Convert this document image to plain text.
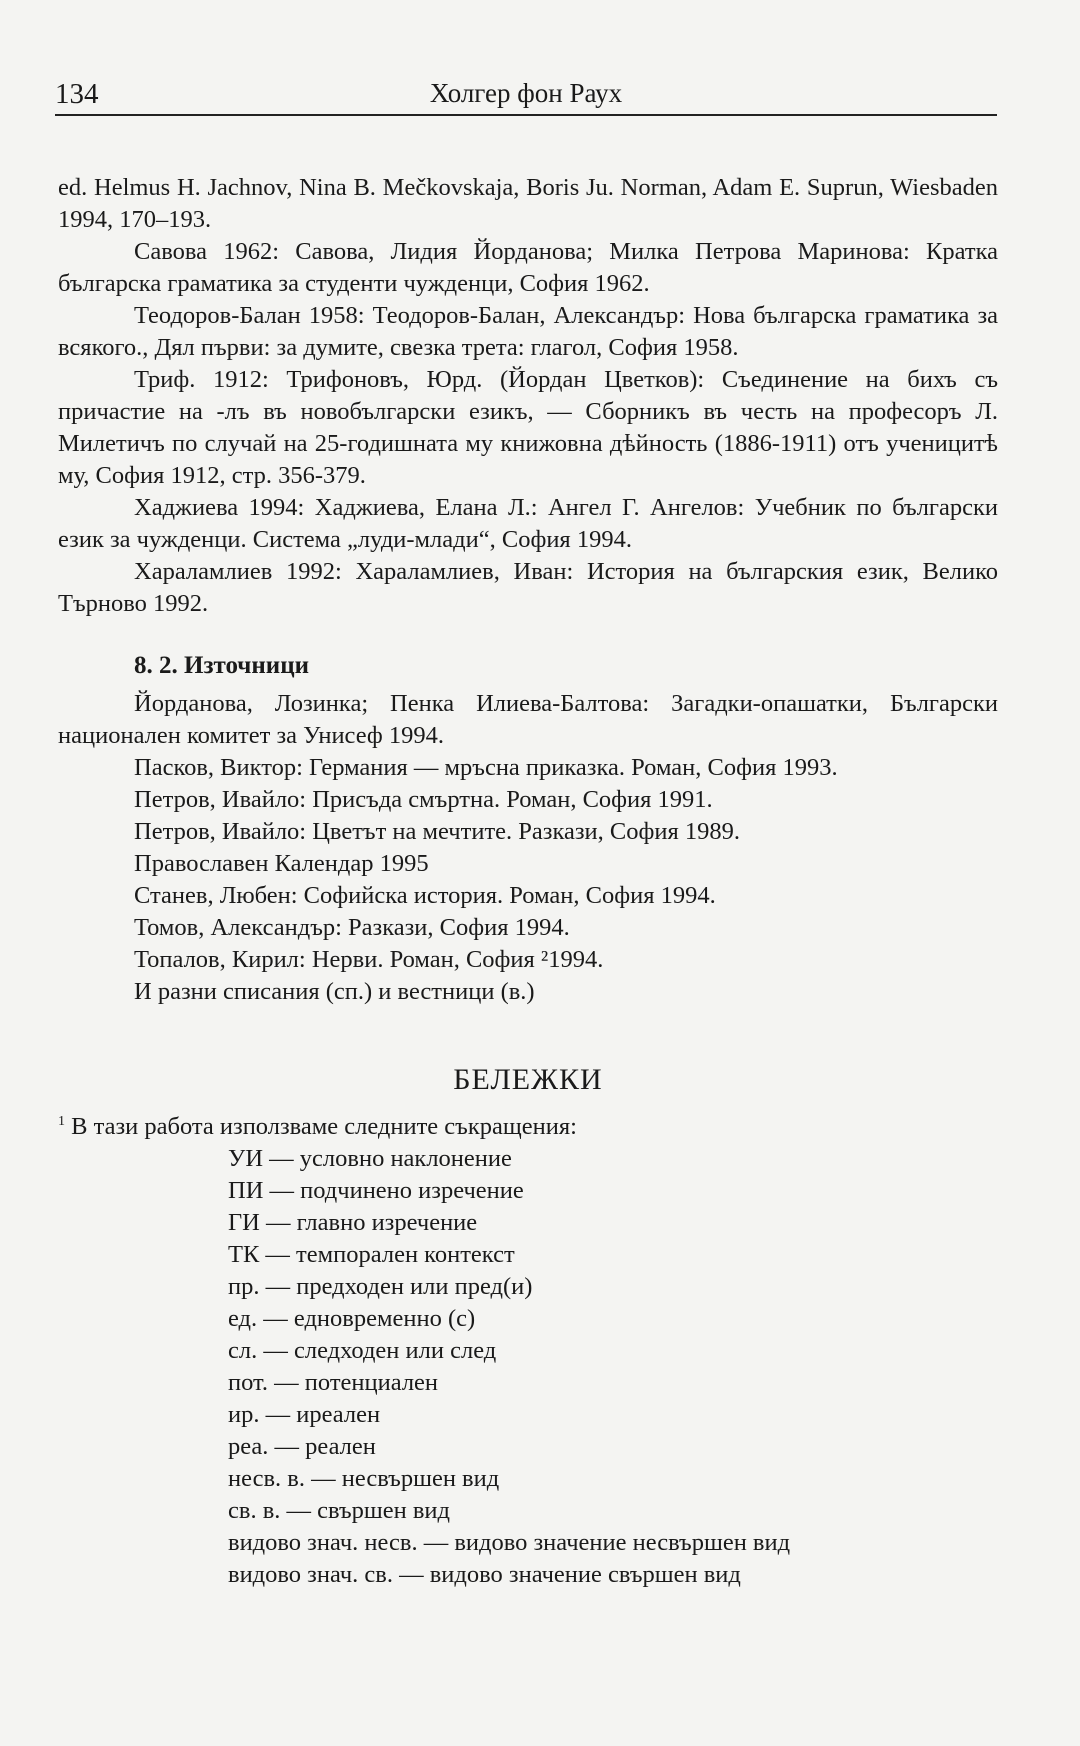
134	Холгер фон Раух

ed. Helmus H. Jachnov, Nina B. Mečkovskaja, Boris Ju. Norman, Adam E. Suprun, Wiesbaden 1994, 170–193.

Савова 1962: Савова, Лидия Йорданова; Милка Петрова Маринова: Кратка българска граматика за студенти чужденци, София 1962.

Теодоров-Балан 1958: Теодоров-Балан, Александър: Нова българска граматика за всякого., Дял първи: за думите, свезка трета: глагол, София 1958.

Триф. 1912: Трифоновъ, Юрд. (Йордан Цветков): Съединение на бихъ съ причастие на -лъ въ новобългарски езикъ, — Сборникъ въ честь на професоръ Л. Милетичъ по случай на 25-годишната му книжовна дѣйность (1886-1911) отъ ученицитѣ му, София 1912, стр. 356-379.

Хаджиева 1994: Хаджиева, Елана Л.: Ангел Г. Ангелов: Учебник по български език за чужденци. Система „луди-млади“, София 1994.

Хараламлиев 1992: Хараламлиев, Иван: История на българския език, Велико Търново 1992.

8. 2. Източници

Йорданова, Лозинка; Пенка Илиева-Балтова: Загадки-опашатки, Български национален комитет за Унисеф 1994.

Пасков, Виктор: Германия — мръсна приказка. Роман, София 1993.

Петров, Ивайло: Присъда смъртна. Роман, София 1991.

Петров, Ивайло: Цветът на мечтите. Разкази, София 1989.

Православен Календар 1995

Станев, Любен: Софийска история. Роман, София 1994.

Томов, Александър: Разкази, София 1994.

Топалов, Кирил: Нерви. Роман, София ²1994.

И разни списания (сп.) и вестници (в.)

БЕЛЕЖКИ

$^1$ В тази работа използваме следните съкращения:

УИ — условно наклонение

ПИ — подчинено изречение

ГИ — главно изречение

ТК — темпорален контекст

пр. — предходен или пред(и)

ед. — едновременно (с)

сл. — следходен или след

пот. — потенциален

ир. — иреален

реа. — реален

несв. в. — несвършен вид

св. в. — свършен вид

видово знач. несв. — видово значение несвършен вид

видово знач. св. — видово значение свършен вид
